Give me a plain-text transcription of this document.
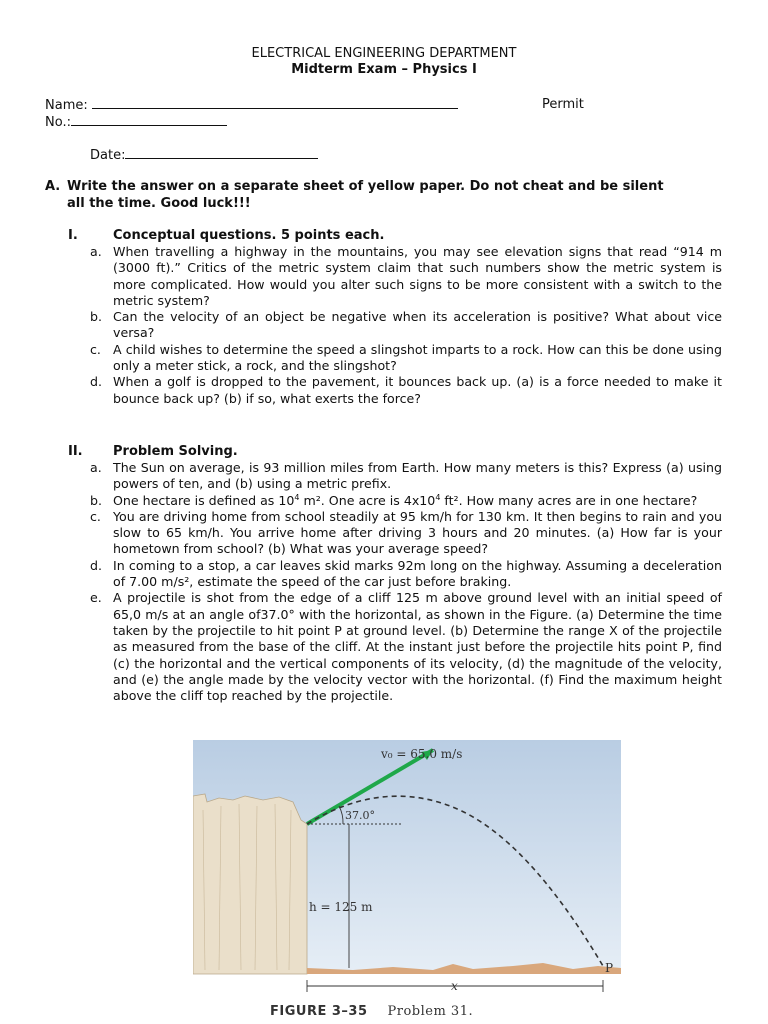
ELECTRICAL ENGINEERING DEPARTMENT
Midterm Exam – Physics I
Name:	Permit
No.:
Date:
A. Write the answer on a separate sheet of yellow paper. Do not cheat and be silent
all the time. Good luck!!!
I.	Conceptual questions. 5 points each.
a. When travelling a highway in the mountains, you may see elevation signs that read “914 m (3000 ft).” Critics of the metric system claim that such numbers show the metric system is more complicated. How would you alter such signs to be more consistent with a switch to the metric system?
b. Can the velocity of an object be negative when its acceleration is positive? What about vice versa?
c. A child wishes to determine the speed a slingshot imparts to a rock. How can this be done using only a meter stick, a rock, and the slingshot?
d. When a golf is dropped to the pavement, it bounces back up. (a) is a force needed to make it bounce back up? (b) if so, what exerts the force?
II. Problem Solving.
a. The Sun on average, is 93 million miles from Earth. How many meters is this? Express (a) using powers of ten, and (b) using a metric prefix.
b. One hectare is defined as $10^4$ m². One acre is $4x10^4$ ft². How many acres are in one hectare?
c. You are driving home from school steadily at 95 km/h for 130 km. It then begins to rain and you slow to 65 km/h. You arrive home after driving 3 hours and 20 minutes. (a) How far is your hometown from school? (b) What was your average speed?
d. In coming to a stop, a car leaves skid marks 92m long on the highway. Assuming a deceleration of 7.00 m/s², estimate the speed of the car just before braking.
e. A projectile is shot from the edge of a cliff 125 m above ground level with an initial speed of 65,0 m/s at an angle of37.0° with the horizontal, as shown in the Figure. (a) Determine the time taken by the projectile to hit point P at ground level. (b) Determine the range X of the projectile as measured from the base of the cliff. At the instant just before the projectile hits point P, find (c) the horizontal and the vertical components of its velocity, (d) the magnitude of the velocity, and (e) the angle made by the velocity vector with the horizontal. (f) Find the maximum height above the cliff top reached by the projectile.
v₀ = 65.0 m/s
37.0°
h = 125 m
P
x
FIGURE 3–35 Problem 31.
